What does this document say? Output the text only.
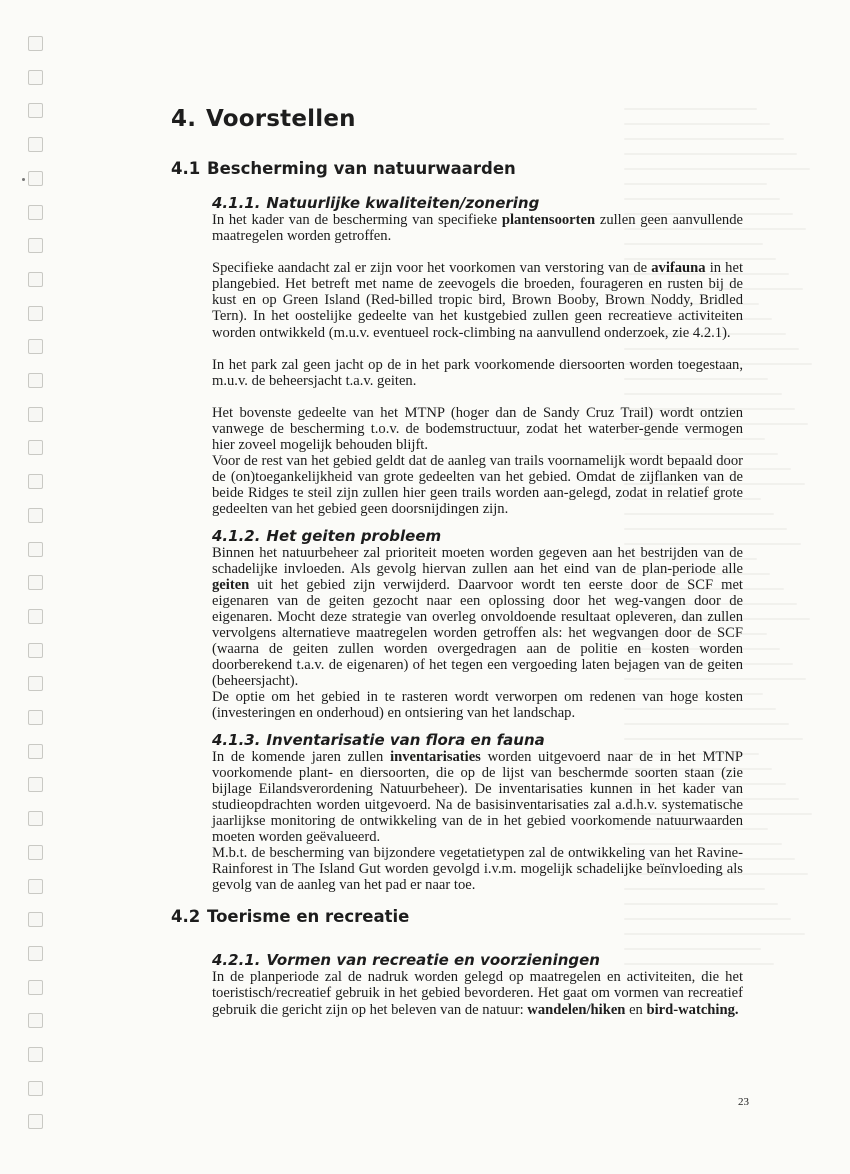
4. Voorstellen
4.1 Bescherming van natuurwaarden
4.1.1. Natuurlijke kwaliteiten/zonering

In het kader van de bescherming van specifieke plantensoorten zullen geen aanvullende maatregelen worden getroffen.

Specifieke aandacht zal er zijn voor het voorkomen van verstoring van de avifauna in het plangebied. Het betreft met name de zeevogels die broeden, fourageren en rusten bij de kust en op Green Island (Red-billed tropic bird, Brown Booby, Brown Noddy, Bridled Tern). In het oostelijke gedeelte van het kustgebied zullen geen recreatieve activiteiten worden ontwikkeld (m.u.v. eventueel rock-climbing na aanvullend onderzoek, zie 4.2.1).

In het park zal geen jacht op de in het park voorkomende diersoorten worden toegestaan, m.u.v. de beheersjacht t.a.v. geiten.

Het bovenste gedeelte van het MTNP (hoger dan de Sandy Cruz Trail) wordt ontzien vanwege de bescherming t.o.v. de bodemstructuur, zodat het waterber-gende vermogen hier zoveel mogelijk behouden blijft.

Voor de rest van het gebied geldt dat de aanleg van trails voornamelijk wordt bepaald door de (on)toegankelijkheid van grote gedeelten van het gebied. Omdat de zijflanken van de beide Ridges te steil zijn zullen hier geen trails worden aan-gelegd, zodat in relatief grote gedeelten van het gebied geen doorsnijdingen zijn.

4.1.2. Het geiten probleem

Binnen het natuurbeheer zal prioriteit moeten worden gegeven aan het bestrijden van de schadelijke invloeden. Als gevolg hiervan zullen aan het eind van de plan-periode alle geiten uit het gebied zijn verwijderd. Daarvoor wordt ten eerste door de SCF met eigenaren van de geiten gezocht naar een oplossing door het weg-vangen door de eigenaren. Mocht deze strategie van overleg onvoldoende resultaat opleveren, dan zullen vervolgens alternatieve maatregelen worden getroffen als: het wegvangen door de SCF (waarna de geiten zullen worden overgedragen aan de politie en kosten worden doorberekend t.a.v. de eigenaren) of het tegen een vergoeding laten bejagen van de geiten (beheersjacht).

De optie om het gebied in te rasteren wordt verworpen om redenen van hoge kosten (investeringen en onderhoud) en ontsiering van het landschap.

4.1.3. Inventarisatie van flora en fauna

In de komende jaren zullen inventarisaties worden uitgevoerd naar de in het MTNP voorkomende plant- en diersoorten, die op de lijst van beschermde soorten staan (zie bijlage Eilandsverordening Natuurbeheer). De inventarisaties kunnen in het kader van studieopdrachten worden uitgevoerd. Na de basisinventarisaties zal a.d.h.v. systematische jaarlijkse monitoring de ontwikkeling van de in het gebied voorkomende natuurwaarden moeten worden geëvalueerd.

M.b.t. de bescherming van bijzondere vegetatietypen zal de ontwikkeling van het Ravine-Rainforest in The Island Gut worden gevolgd i.v.m. mogelijk schadelijke beïnvloeding als gevolg van de aanleg van het pad er naar toe.

4.2 Toerisme en recreatie
4.2.1. Vormen van recreatie en voorzieningen

In de planperiode zal de nadruk worden gelegd op maatregelen en activiteiten, die het toeristisch/recreatief gebruik in het gebied bevorderen. Het gaat om vormen van recreatief gebruik die gericht zijn op het beleven van de natuur: wandelen/hiken en bird-watching.

23
